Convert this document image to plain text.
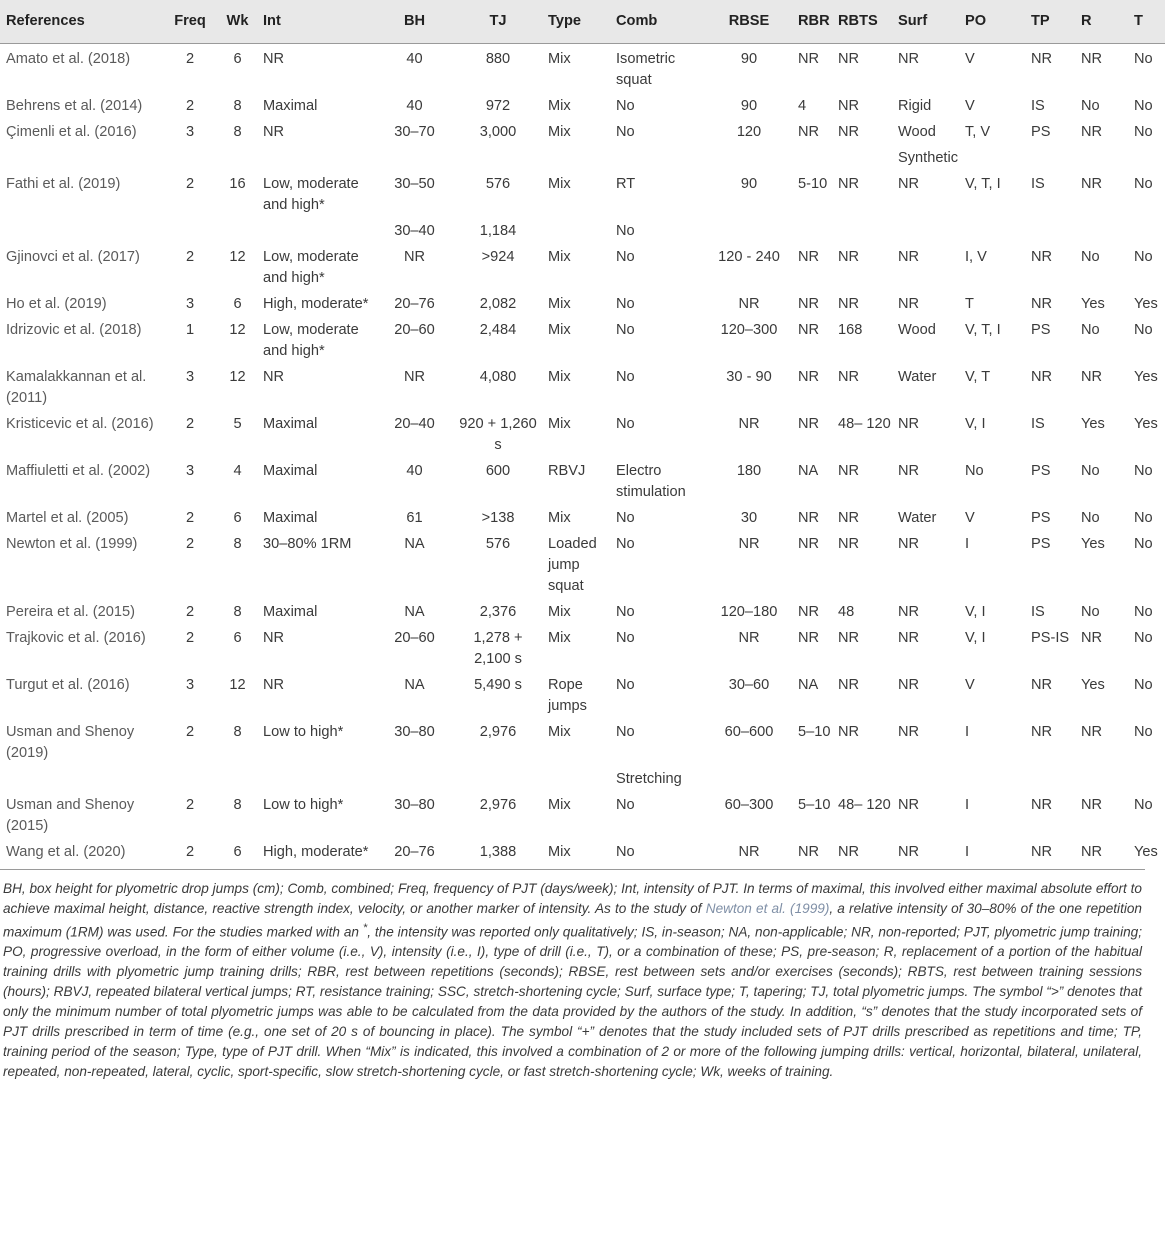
References	Freq	Wk	Int	BH	TJ	Type	Comb	RBSE	RBR	RBTS	Surf	PO	TP	R	T
Amato et al. (2018)	2	6	NR	40	880	Mix	Isometric squat	90	NR	NR	NR	V	NR	NR	No
Behrens et al. (2014)	2	8	Maximal	40	972	Mix	No	90	4	NR	Rigid	V	IS	No	No
Çimenli et al. (2016)	3	8	NR	30–70	3,000	Mix	No	120	NR	NR	Wood	T, V	PS	NR	No
											Synthetic				
Fathi et al. (2019)	2	16	Low, moderate and high*	30–50	576	Mix	RT	90	5-10	NR	NR	V, T, I	IS	NR	No
				30–40	1,184		No								
Gjinovci et al. (2017)	2	12	Low, moderate and high*	NR	>924	Mix	No	120 - 240	NR	NR	NR	I, V	NR	No	No
Ho et al. (2019)	3	6	High, moderate*	20–76	2,082	Mix	No	NR	NR	NR	NR	T	NR	Yes	Yes
Idrizovic et al. (2018)	1	12	Low, moderate and high*	20–60	2,484	Mix	No	120–300	NR	168	Wood	V, T, I	PS	No	No
Kamalakkannan et al. (2011)	3	12	NR	NR	4,080	Mix	No	30 - 90	NR	NR	Water	V, T	NR	NR	Yes
Kristicevic et al. (2016)	2	5	Maximal	20–40	920 + 1,260 s	Mix	No	NR	NR	48– 120	NR	V, I	IS	Yes	Yes
Maffiuletti et al. (2002)	3	4	Maximal	40	600	RBVJ	Electro stimulation	180	NA	NR	NR	No	PS	No	No
Martel et al. (2005)	2	6	Maximal	61	>138	Mix	No	30	NR	NR	Water	V	PS	No	No
Newton et al. (1999)	2	8	30–80% 1RM	NA	576	Loaded jump squat	No	NR	NR	NR	NR	I	PS	Yes	No
Pereira et al. (2015)	2	8	Maximal	NA	2,376	Mix	No	120–180	NR	48	NR	V, I	IS	No	No
Trajkovic et al. (2016)	2	6	NR	20–60	1,278 + 2,100 s	Mix	No	NR	NR	NR	NR	V, I	PS-IS	NR	No
Turgut et al. (2016)	3	12	NR	NA	5,490 s	Rope jumps	No	30–60	NA	NR	NR	V	NR	Yes	No
Usman and Shenoy (2019)	2	8	Low to high*	30–80	2,976	Mix	No	60–600	5–10	NR	NR	I	NR	NR	No
							Stretching								
Usman and Shenoy (2015)	2	8	Low to high*	30–80	2,976	Mix	No	60–300	5–10	48– 120	NR	I	NR	NR	No
Wang et al. (2020)	2	6	High, moderate*	20–76	1,388	Mix	No	NR	NR	NR	NR	I	NR	NR	Yes

BH, box height for plyometric drop jumps (cm); Comb, combined; Freq, frequency of PJT (days/week); Int, intensity of PJT. In terms of maximal, this involved either maximal absolute effort to achieve maximal height, distance, reactive strength index, velocity, or another marker of intensity. As to the study of Newton et al. (1999), a relative intensity of 30–80% of the one repetition maximum (1RM) was used. For the studies marked with an *, the intensity was reported only qualitatively; IS, in-season; NA, non-applicable; NR, non-reported; PJT, plyometric jump training; PO, progressive overload, in the form of either volume (i.e., V), intensity (i.e., I), type of drill (i.e., T), or a combination of these; PS, pre-season; R, replacement of a portion of the habitual training drills with plyometric jump training drills; RBR, rest between repetitions (seconds); RBSE, rest between sets and/or exercises (seconds); RBTS, rest between training sessions (hours); RBVJ, repeated bilateral vertical jumps; RT, resistance training; SSC, stretch-shortening cycle; Surf, surface type; T, tapering; TJ, total plyometric jumps. The symbol “>” denotes that only the minimum number of total plyometric jumps was able to be calculated from the data provided by the authors of the study. In addition, “s” denotes that the study incorporated sets of PJT drills prescribed in term of time (e.g., one set of 20 s of bouncing in place). The symbol “+” denotes that the study included sets of PJT drills prescribed as repetitions and time; TP, training period of the season; Type, type of PJT drill. When “Mix” is indicated, this involved a combination of 2 or more of the following jumping drills: vertical, horizontal, bilateral, unilateral, repeated, non-repeated, lateral, cyclic, sport-specific, slow stretch-shortening cycle, or fast stretch-shortening cycle; Wk, weeks of training.
